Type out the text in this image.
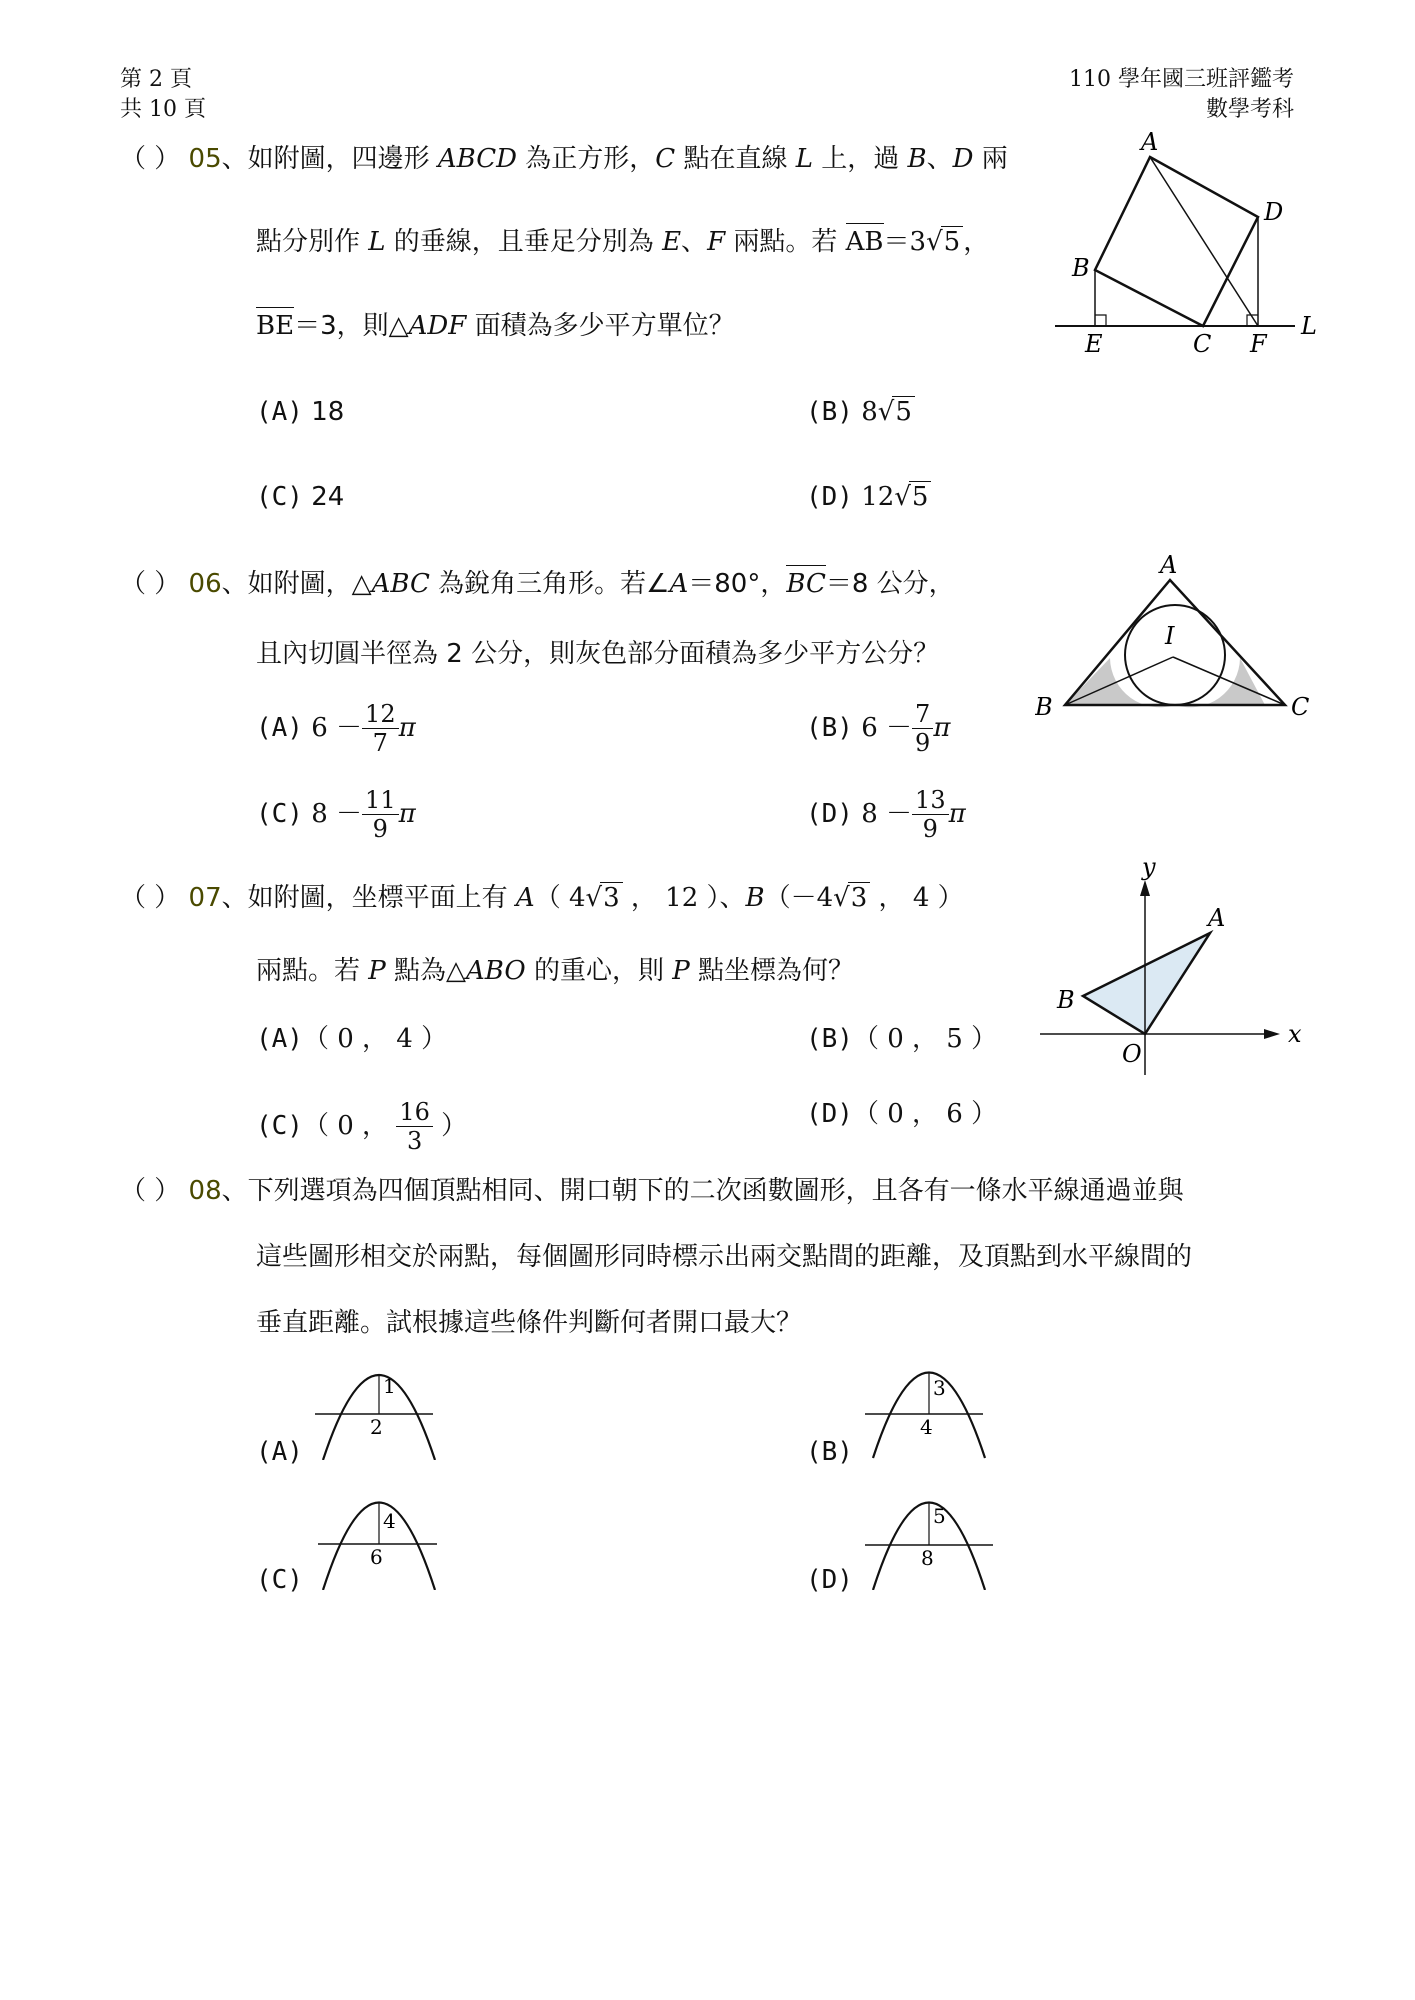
第 2 頁
共 10 頁
110 學年國三班評鑑考
數學考科
（ ） 05、如附圖，四邊形 ABCD 為正方形，C 點在直線 L 上，過 B、D 兩
點分別作 L 的垂線，且垂足分別為 E、F 兩點。若 AB＝3√5 ，
BE＝3，則△ADF 面積為多少平方單位？
(A) 18	(B) 8√5
(C) 24	(D) 12√5
A
D
B
E	C F
L
（ ） 06、如附圖，△ABC 為銳角三角形。若∠A＝80°，BC＝8 公分，
且內切圓半徑為 2 公分，則灰色部分面積為多少平方公分？
(A) $6 - \frac{12}{7}$ π	(B) $6 - \frac{7}{9}$ π
(C) $8 - \frac{11}{9}$ π	(D) $8 - \frac{13}{9}$ π
A
I
B	C
（ ） 07、如附圖，坐標平面上有 A（ 4√3 ， 12 ）、B（－4√3 ， 4 ）
兩點。若 P 點為△ABO 的重心，則 P 點坐標為何？
(A)（ 0 ， 4 ）	(B)（ 0 ， 5 ）
(C)（ 0 ， $\frac{16}{3}$ ）	(D)（ 0 ， 6 ）
y
x
A
B
O
（ ） 08、下列選項為四個頂點相同、開口朝下的二次函數圖形，且各有一條水平線通過並與
這些圖形相交於兩點，每個圖形同時標示出兩交點間的距離，及頂點到水平線間的
垂直距離。試根據這些條件判斷何者開口最大？
(A)
1
2
(B)
3
4
(C)
4
6
(D)
5
8
